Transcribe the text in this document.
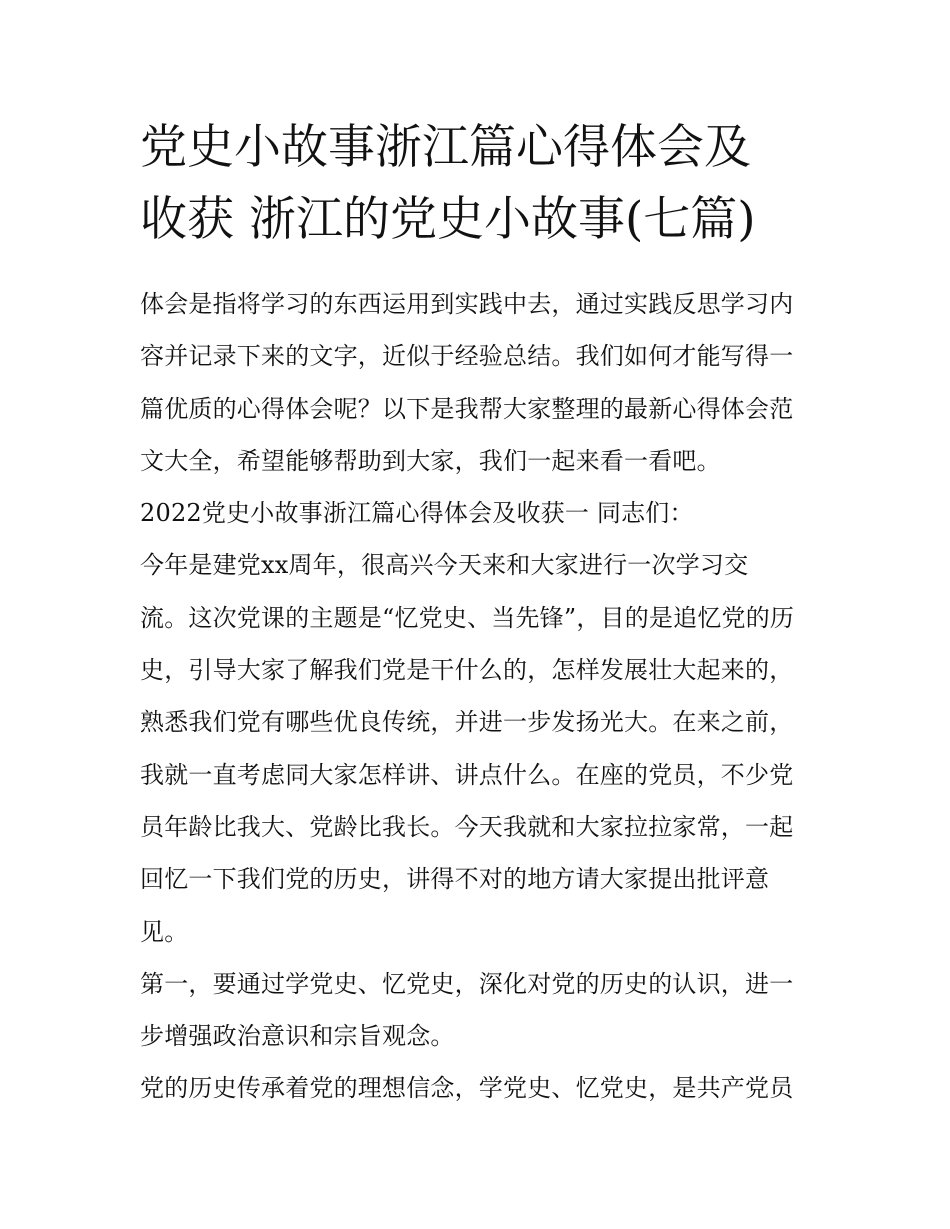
党史小故事浙江篇心得体会及
收获 浙江的党史小故事(七篇)
体会是指将学习的东西运用到实践中去，通过实践反思学习内
容并记录下来的文字，近似于经验总结。我们如何才能写得一
篇优质的心得体会呢？以下是我帮大家整理的最新心得体会范
文大全，希望能够帮助到大家，我们一起来看一看吧。
2022党史小故事浙江篇心得体会及收获一 同志们：
今年是建党xx周年，很高兴今天来和大家进行一次学习交
流。这次党课的主题是“忆党史、当先锋”，目的是追忆党的历
史，引导大家了解我们党是干什么的，怎样发展壮大起来的，
熟悉我们党有哪些优良传统，并进一步发扬光大。在来之前，
我就一直考虑同大家怎样讲、讲点什么。在座的党员，不少党
员年龄比我大、党龄比我长。今天我就和大家拉拉家常，一起
回忆一下我们党的历史，讲得不对的地方请大家提出批评意
见。
第一，要通过学党史、忆党史，深化对党的历史的认识，进一
步增强政治意识和宗旨观念。
党的历史传承着党的理想信念，学党史、忆党史，是共产党员
